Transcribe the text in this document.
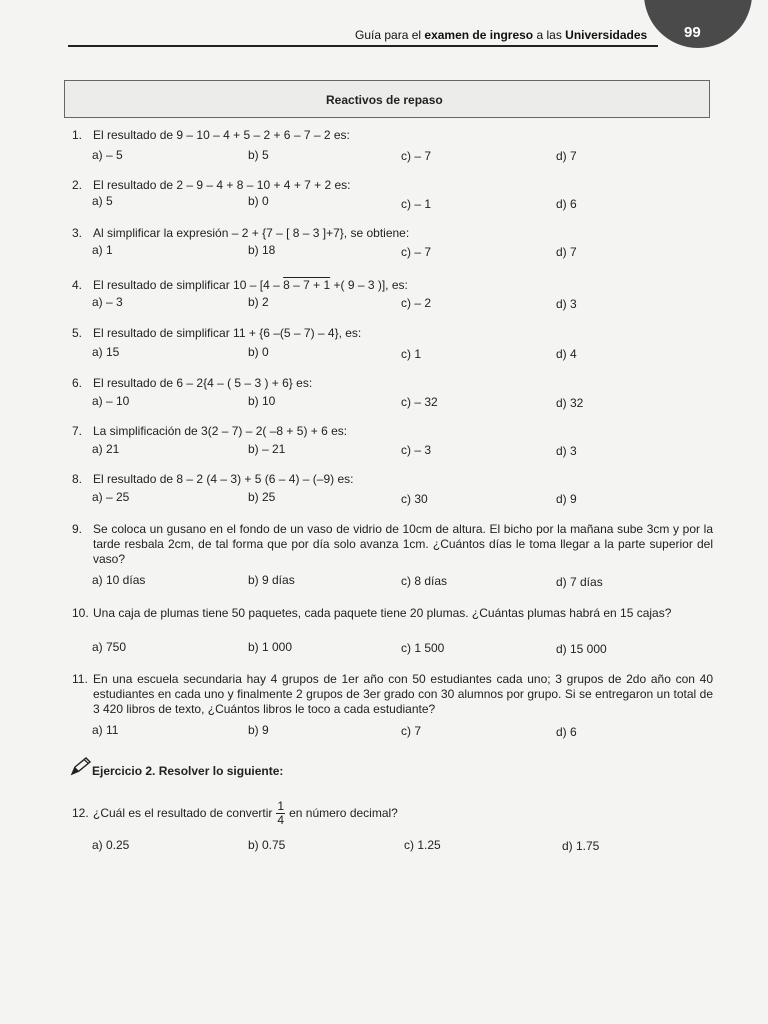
Guía para el examen de ingreso a las Universidades 99
Reactivos de repaso
1. El resultado de 9 – 10 – 4 + 5 – 2 + 6 – 7 – 2 es:
a) – 5	b) 5	c) – 7	d) 7
2. El resultado de 2 – 9 – 4 + 8 – 10 + 4 + 7 + 2 es:
a) 5	b) 0	c) – 1	d) 6
3. Al simplificar la expresión – 2 + {7 – [ 8 – 3 ]+7}, se obtiene:
a) 1	b) 18	c) – 7	d) 7
4. El resultado de simplificar 10 – [4 – 8 – 7 + 1 +( 9 – 3 )], es:
a) – 3	b) 2	c) – 2	d) 3
5. El resultado de simplificar 11 + {6 –(5 – 7) – 4}, es:
a) 15	b) 0	c) 1	d) 4
6. El resultado de 6 – 2{4 – ( 5 – 3 ) + 6} es:
a) – 10	b) 10	c) – 32	d) 32
7. La simplificación de 3(2 – 7) – 2( –8 + 5) + 6 es:
a) 21	b) – 21	c) – 3	d) 3
8. El resultado de 8 – 2 (4 – 3) + 5 (6 – 4) – (–9) es:
a) – 25	b) 25	c) 30	d) 9
9. Se coloca un gusano en el fondo de un vaso de vidrio de 10cm de altura. El bicho por la mañana sube 3cm y por la tarde resbala 2cm, de tal forma que por día solo avanza 1cm. ¿Cuántos días le toma llegar a la parte superior del vaso?
a) 10 días	b) 9 días	c) 8 días	d) 7 días
10. Una caja de plumas tiene 50 paquetes, cada paquete tiene 20 plumas. ¿Cuántas plumas habrá en 15 cajas?
a) 750	b) 1 000	c) 1 500	d) 15 000
11. En una escuela secundaria hay 4 grupos de 1er año con 50 estudiantes cada uno; 3 grupos de 2do año con 40 estudiantes en cada uno y finalmente 2 grupos de 3er grado con 30 alumnos por grupo. Si se entregaron un total de 3 420 libros de texto, ¿Cuántos libros le toco a cada estudiante?
a) 11	b) 9	c) 7	d) 6
Ejercicio 2. Resolver lo siguiente:
12. ¿Cuál es el resultado de convertir $\frac{1}{4}$ en número decimal?
a) 0.25	b) 0.75	c) 1.25	d) 1.75
